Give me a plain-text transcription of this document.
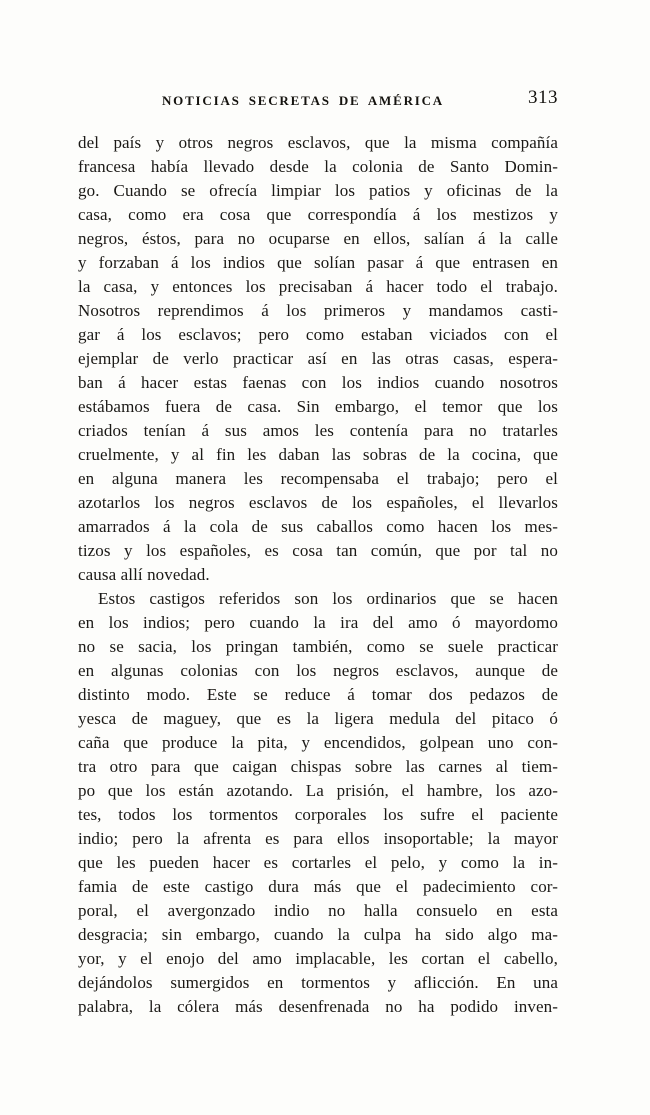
NOTICIAS SECRETAS DE AMÉRICA	313
del país y otros negros esclavos, que la misma compañía
francesa había llevado desde la colonia de Santo Domin-
go. Cuando se ofrecía limpiar los patios y oficinas de la
casa, como era cosa que correspondía á los mestizos y
negros, éstos, para no ocuparse en ellos, salían á la calle
y forzaban á los indios que solían pasar á que entrasen en
la casa, y entonces los precisaban á hacer todo el trabajo.
Nosotros reprendimos á los primeros y mandamos casti-
gar á los esclavos; pero como estaban viciados con el
ejemplar de verlo practicar así en las otras casas, espera-
ban á hacer estas faenas con los indios cuando nosotros
estábamos fuera de casa. Sin embargo, el temor que los
criados tenían á sus amos les contenía para no tratarles
cruelmente, y al fin les daban las sobras de la cocina, que
en alguna manera les recompensaba el trabajo; pero el
azotarlos los negros esclavos de los españoles, el llevarlos
amarrados á la cola de sus caballos como hacen los mes-
tizos y los españoles, es cosa tan común, que por tal no
causa allí novedad.
Estos castigos referidos son los ordinarios que se hacen
en los indios; pero cuando la ira del amo ó mayordomo
no se sacia, los pringan también, como se suele practicar
en algunas colonias con los negros esclavos, aunque de
distinto modo. Este se reduce á tomar dos pedazos de
yesca de maguey, que es la ligera medula del pitaco ó
caña que produce la pita, y encendidos, golpean uno con-
tra otro para que caigan chispas sobre las carnes al tiem-
po que los están azotando. La prisión, el hambre, los azo-
tes, todos los tormentos corporales los sufre el paciente
indio; pero la afrenta es para ellos insoportable; la mayor
que les pueden hacer es cortarles el pelo, y como la in-
famia de este castigo dura más que el padecimiento cor-
poral, el avergonzado indio no halla consuelo en esta
desgracia; sin embargo, cuando la culpa ha sido algo ma-
yor, y el enojo del amo implacable, les cortan el cabello,
dejándolos sumergidos en tormentos y aflicción. En una
palabra, la cólera más desenfrenada no ha podido inven-
